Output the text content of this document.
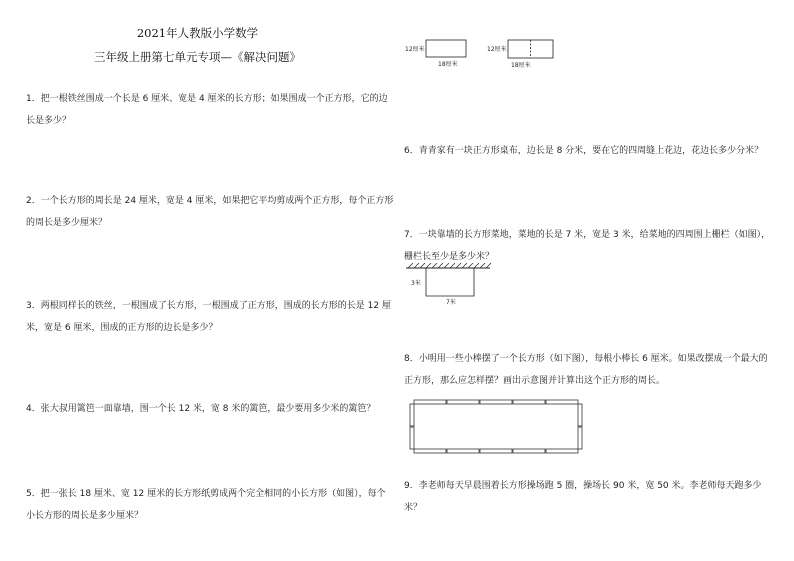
2021年人教版小学数学
三年级上册第七单元专项—《解决问题》
1．把一根铁丝围成一个长是 6 厘米、宽是 4 厘米的长方形；如果围成一个正方形，它的边长是多少？
2．一个长方形的周长是 24 厘米，宽是 4 厘米，如果把它平均剪成两个正方形，每个正方形的周长是多少厘米？
3．两根同样长的铁丝，一根围成了长方形，一根围成了正方形，围成的长方形的长是 12 厘米，宽是 6 厘米，围成的正方形的边长是多少？
4．张大叔用篱笆一面靠墙，围一个长 12 米，宽 8 米的篱笆，最少要用多少米的篱笆？
5．把一张长 18 厘米、宽 12 厘米的长方形纸剪成两个完全相同的小长方形（如图），每个小长方形的周长是多少厘米？
12厘米
18厘米
12厘米
18厘米
6．青青家有一块正方形桌布，边长是 8 分米，要在它的四周缝上花边，花边长多少分米？
7．一块靠墙的长方形菜地，菜地的长是 7 米，宽是 3 米，给菜地的四周围上栅栏（如图），栅栏长至少是多少米？
3米
7米
8．小明用一些小棒摆了一个长方形（如下图），每根小棒长 6 厘米。如果改摆成一个最大的正方形，那么应怎样摆？画出示意图并计算出这个正方形的周长。
9．李老师每天早晨围着长方形操场跑 5 圈，操场长 90 米，宽 50 米。李老师每天跑多少米？
